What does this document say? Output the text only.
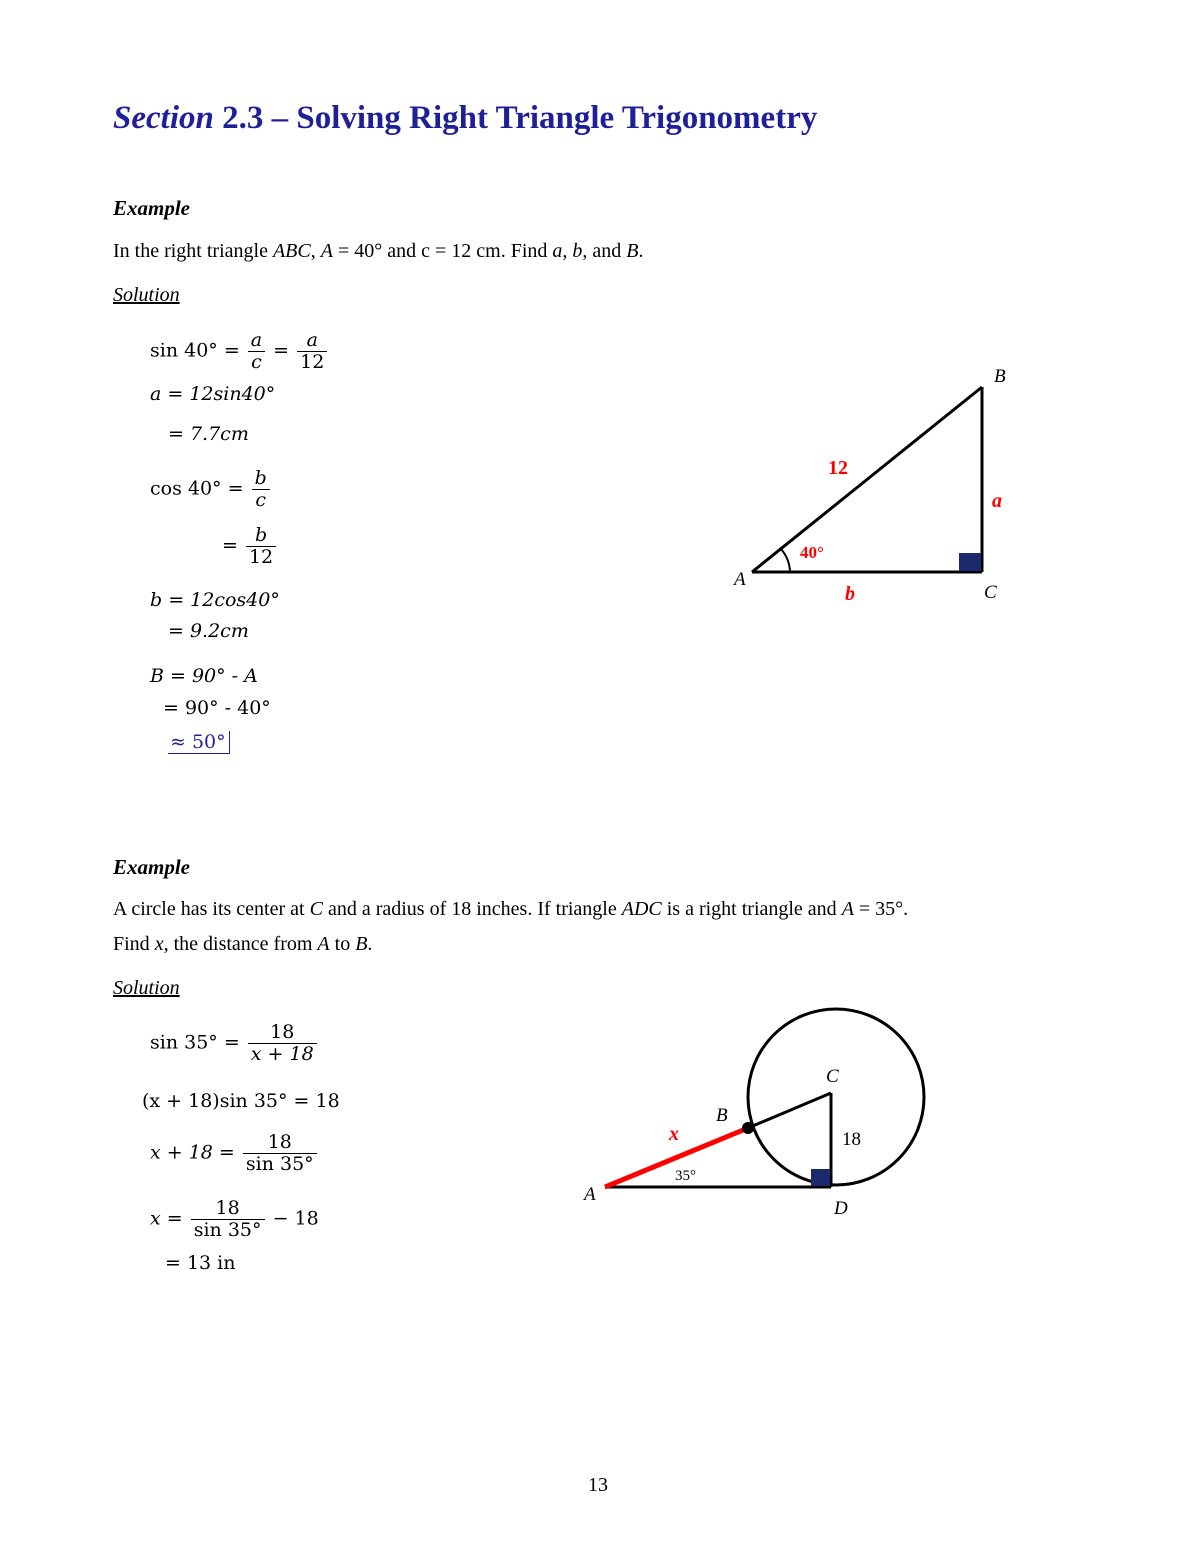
Section 2.3 – Solving Right Triangle Trigonometry
Example
In the right triangle ABC, A = 40° and c = 12 cm. Find a, b, and B.
Solution
$\sin 40^\circ = \frac{a}{c} = \frac{a}{12}$
a = 12sin40°
= 7.7cm
$\cos 40^\circ = \frac{b}{c}$
= $\frac{b}{12}$
b = 12cos40°
= 9.2cm
B = 90° - A
= 90° - 40°
≈ 50°
A
B
C
12
a
b
40°
Example
A circle has its center at C and a radius of 18 inches. If triangle ADC is a right triangle and A = 35°.
Find x, the distance from A to B.
Solution
$\sin 35^\circ = \frac{18}{x + 18}$
(x + 18)sin 35° = 18
$x + 18 = \frac{18}{\sin 35^\circ}$
$x = \frac{18}{\sin 35^\circ} - 18$
= 13 in
A
B
C
D
x	18
35°
13
